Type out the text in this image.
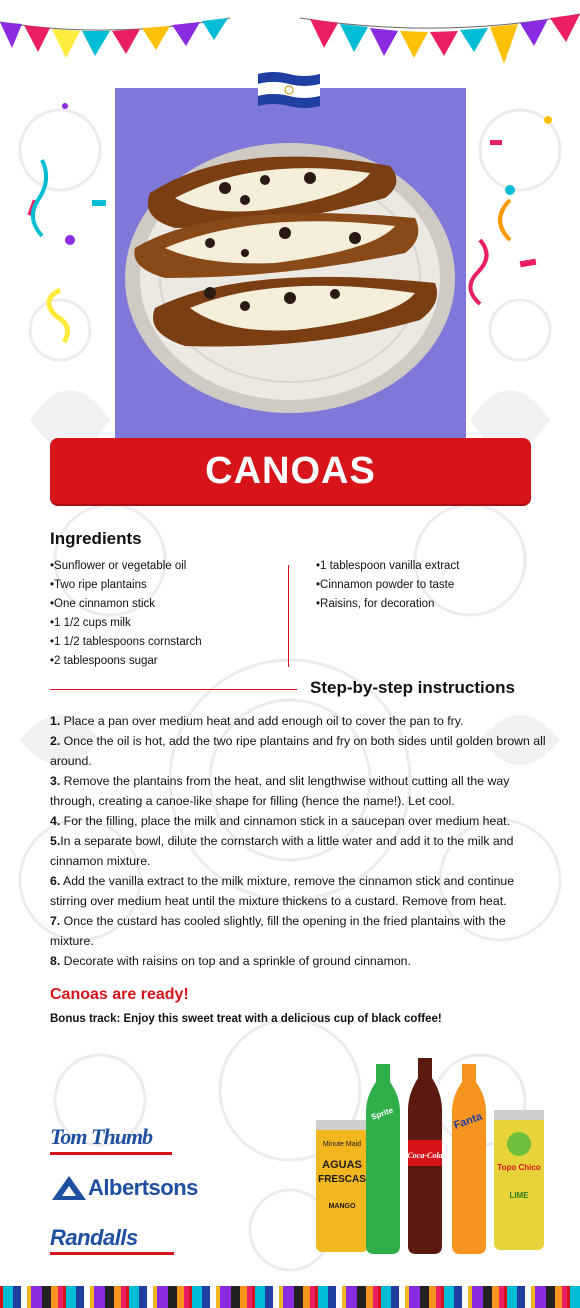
CANOAS
Ingredients
• Sunflower or vegetable oil
• Two ripe plantains
• One cinnamon stick
• 1 1/2 cups milk
• 1 1/2 tablespoons cornstarch
• 2 tablespoons sugar
• 1 tablespoon vanilla extract
• Cinnamon powder to taste
• Raisins, for decoration
Step-by-step instructions

1. Place a pan over medium heat and add enough oil to cover the pan to fry.

2. Once the oil is hot, add the two ripe plantains and fry on both sides until golden brown all around.

3. Remove the plantains from the heat, and slit lengthwise without cutting all the way through, creating a canoe-like shape for filling (hence the name!). Let cool.

4. For the filling, place the milk and cinnamon stick in a saucepan over medium heat.

5.In a separate bowl, dilute the cornstarch with a little water and add it to the milk and cinnamon mixture.

6. Add the vanilla extract to the milk mixture, remove the cinnamon stick and continue stirring over medium heat until the mixture thickens to a custard. Remove from heat.

7. Once the custard has cooled slightly, fill the opening in the fried plantains with the mixture.

8. Decorate with raisins on top and a sprinkle of ground cinnamon.

Canoas are ready!
Bonus track: Enjoy this sweet treat with a delicious cup of black coffee!
Tom Thumb
Albertsons
Randalls
Minute Maid
AGUAS
FRESCAS
MANGO
Sprite
Coca-Cola
Fanta
Topo Chico
LIME
